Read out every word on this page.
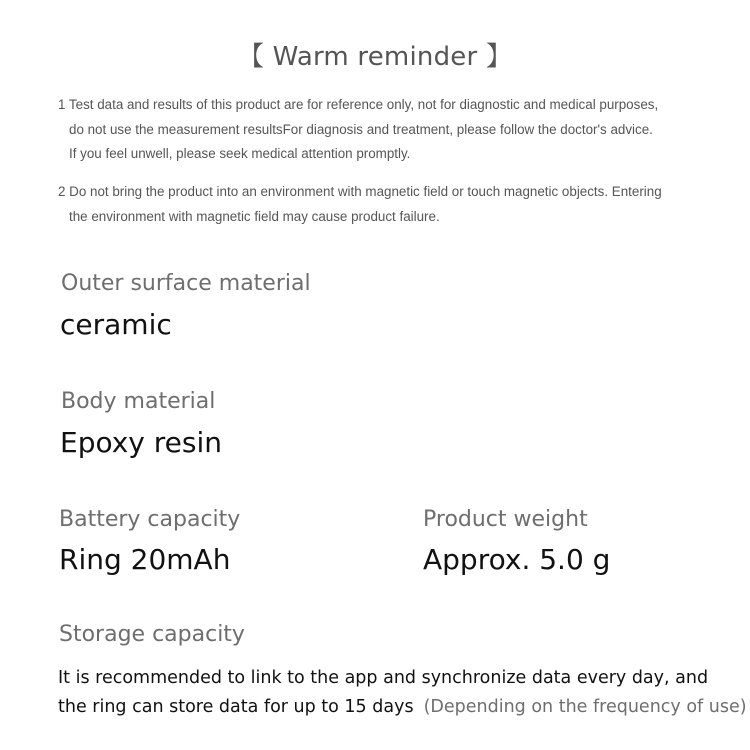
【 Warm reminder 】
1 Test data and results of this product are for reference only, not for diagnostic and medical purposes,
do not use the measurement resultsFor diagnosis and treatment, please follow the doctor's advice.
If you feel unwell, please seek medical attention promptly.
2 Do not bring the product into an environment with magnetic field or touch magnetic objects. Entering
the environment with magnetic field may cause product failure.
Outer surface material
ceramic
Body material
Epoxy resin
Battery capacity
Ring 20mAh
Product weight
Approx. 5.0 g
Storage capacity
It is recommended to link to the app and synchronize data every day, and
the ring can store data for up to 15 days (Depending on the frequency of use)
